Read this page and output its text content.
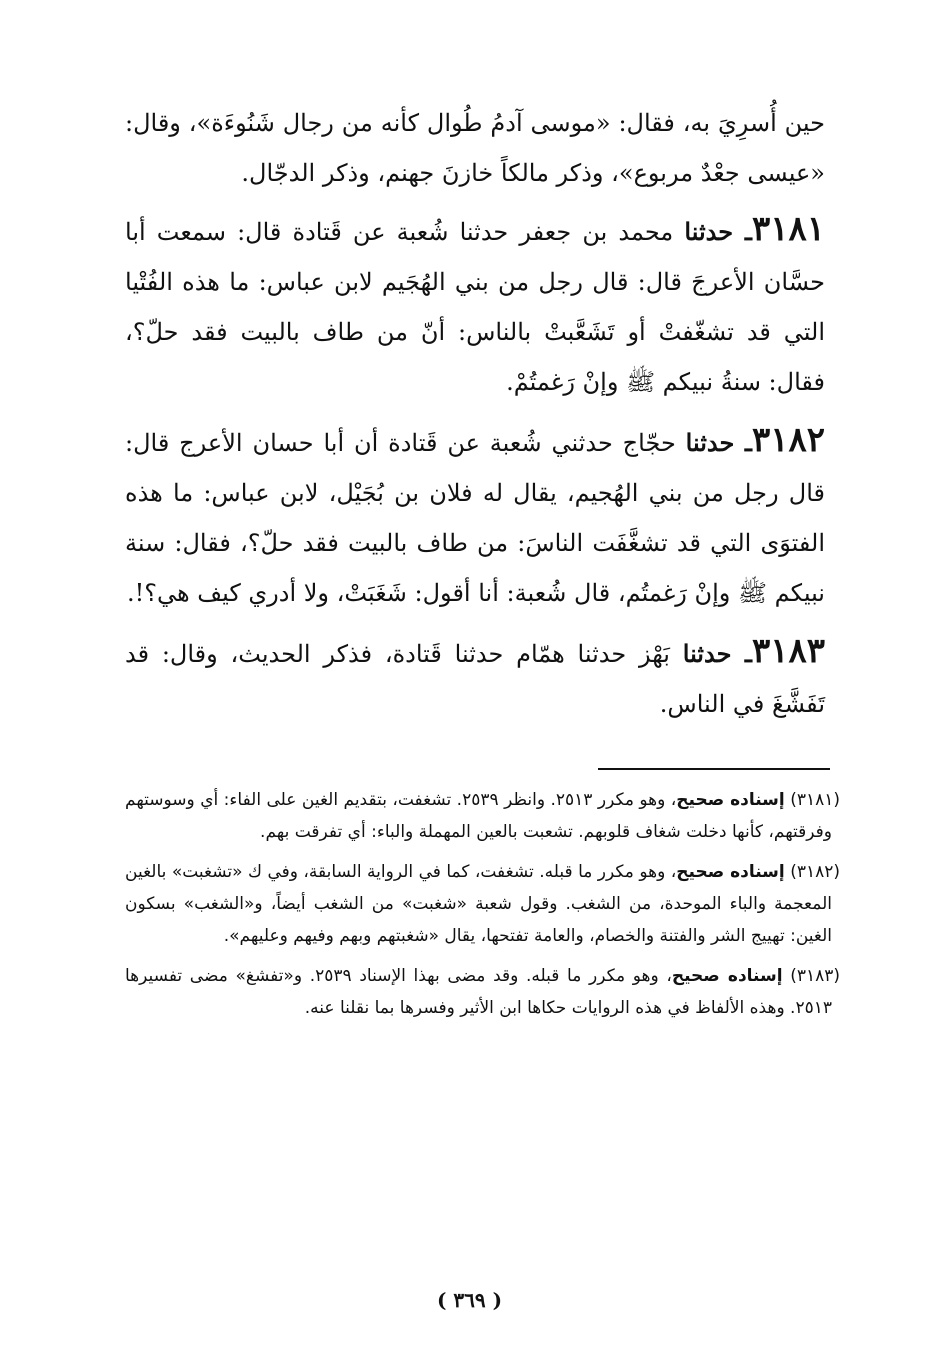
حين أُسرِيَ به، فقال: «موسى آدمُ طُوال كأنه من رجال شَنُوءَة»، وقال: «عيسى جعْدٌ مربوع»، وذكر مالكاً خازنَ جهنم، وذكر الدجّال.

٣١٨١ـ حدثنا محمد بن جعفر حدثنا شُعبة عن قَتادة قال: سمعت أبا حسَّان الأعرجَ قال: قال رجل من بني الهُجَيم لابن عباس: ما هذه الفُتْيا التي قد تشغّفتْ أو تَشَعَّبتْ بالناس: أنّ من طاف بالبيت فقد حلّ؟، فقال: سنةُ نبيكم ﷺ وإنْ رَغمتُمْ.

٣١٨٢ـ حدثنا حجّاج حدثني شُعبة عن قَتادة أن أبا حسان الأعرج قال: قال رجل من بني الهُجيم، يقال له فلان بن بُجَيْل، لابن عباس: ما هذه الفتوَى التي قد تشغَّفَت الناسَ: من طاف بالبيت فقد حلّ؟، فقال: سنة نبيكم ﷺ وإنْ رَغمتُم، قال شُعبة: أنا أقول: شَغَبَتْ، ولا أدري كيف هي؟!.

٣١٨٣ـ حدثنا بَهْز حدثنا همّام حدثنا قَتادة، فذكر الحديث، وقال: قد تَفَشَّغَ في الناس.

(٣١٨١) إسناده صحيح، وهو مكرر ٢٥١٣. وانظر ٢٥٣٩. تشغفت، بتقديم الغين على الفاء: أي وسوستهم وفرقتهم، كأنها دخلت شغاف قلوبهم. تشعبت بالعين المهملة والباء: أي تفرقت بهم.

(٣١٨٢) إسناده صحيح، وهو مكرر ما قبله. تشغفت، كما في الرواية السابقة، وفي ك «تشغبت» بالغين المعجمة والباء الموحدة، من الشغب. وقول شعبة «شغبت» من الشغب أيضاً، و«الشغب» بسكون الغين: تهييج الشر والفتنة والخصام، والعامة تفتحها، يقال «شغبتهم وبهم وفيهم وعليهم».

(٣١٨٣) إسناده صحيح، وهو مكرر ما قبله. وقد مضى بهذا الإسناد ٢٥٣٩. و«تفشغ» مضى تفسيرها ٢٥١٣. وهذه الألفاظ في هذه الروايات حكاها ابن الأثير وفسرها بما نقلنا عنه.

( ٣٦٩ )
